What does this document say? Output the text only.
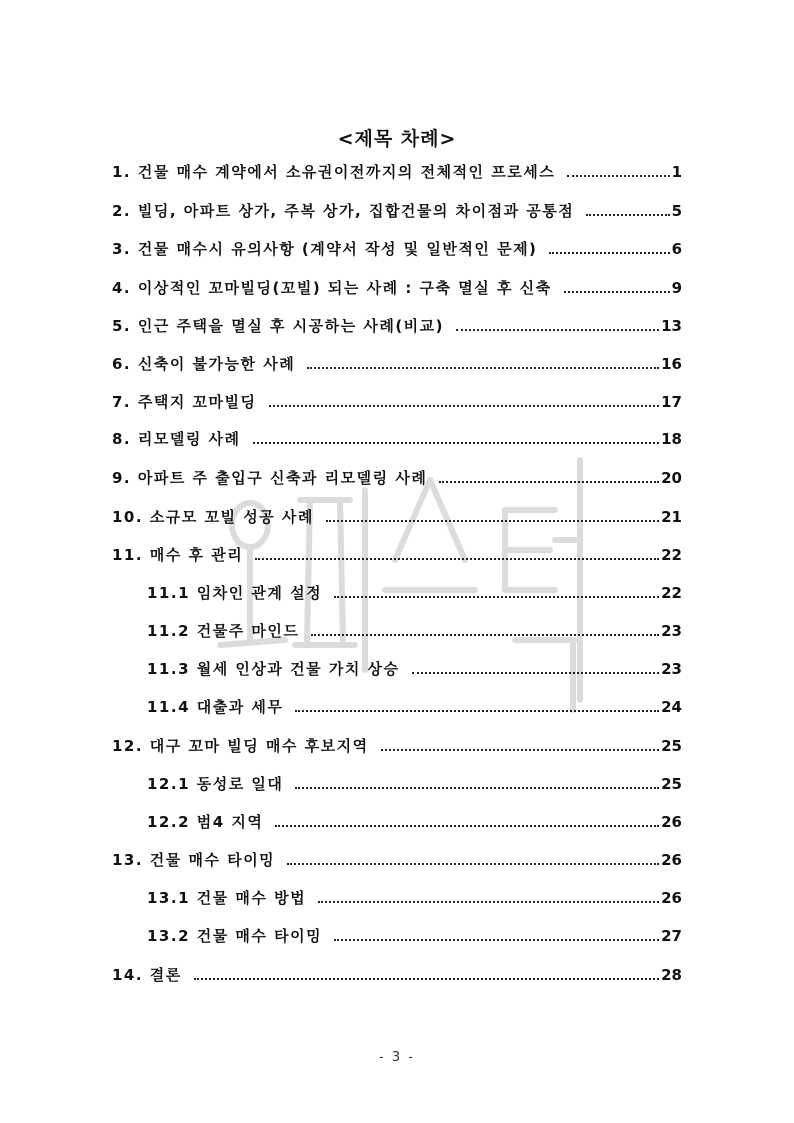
<제목 차례>
1. 건물 매수 계약에서 소유권이전까지의 전체적인 프로세스	1
2. 빌딩, 아파트 상가, 주복 상가, 집합건물의 차이점과 공통점	5
3. 건물 매수시 유의사항 (계약서 작성 및 일반적인 문제)	6
4. 이상적인 꼬마빌딩(꼬빌) 되는 사례 : 구축 멸실 후 신축	9
5. 인근 주택을 멸실 후 시공하는 사례(비교)	13
6. 신축이 불가능한 사례	16
7. 주택지 꼬마빌딩	17
8. 리모델링 사례	18
9. 아파트 주 출입구 신축과 리모델링 사례	20
10. 소규모 꼬빌 성공 사례	21
11. 매수 후 관리	22
11.1 임차인 관계 설정	22
11.2 건물주 마인드	23
11.3 월세 인상과 건물 가치 상승	23
11.4 대출과 세무	24
12. 대구 꼬마 빌딩 매수 후보지역	25
12.1 동성로 일대	25
12.2 범4 지역	26
13. 건물 매수 타이밍	26
13.1 건물 매수 방법	26
13.2 건물 매수 타이밍	27
14. 결론	28
- 3 -
